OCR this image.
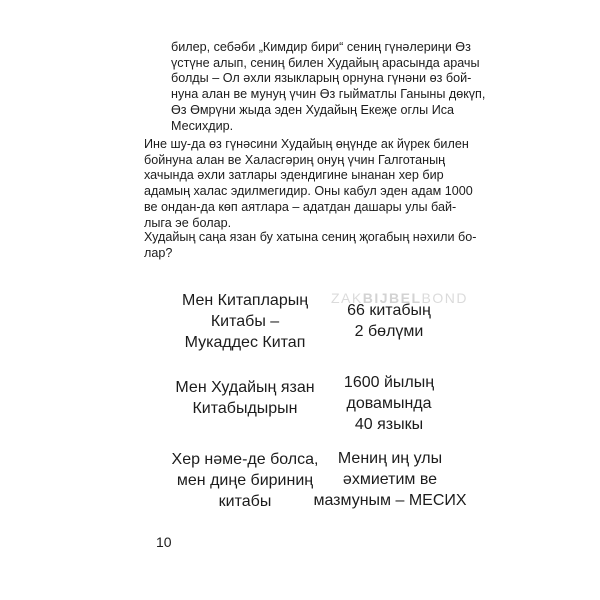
билер, себәби „Кимдир бири“ сениң гүнәлериңи Өз
үстүне алып, сениң билен Худайың арасында арачы
болды – Ол әхли языкларың орнуна гүнәни өз бой-
нуна алан ве мунуң үчин Өз гыйматлы Ганыны дөкүп,
Өз Өмрүни жыда эден Худайың Екеҗе оглы Иса
Месихдир.

Ине шу-да өз гүнәсини Худайың өңүнде ак йүрек билен
бойнуна алан ве Халасгәриң онуң үчин Галготаның
хачында әхли затлары эдендигине ынанан хер бир
адамың халас эдилмегидир. Оны кабул эден адам 1000
ве ондан-да көп аятлара – адатдан дашары улы бай-
лыга эе болар.

Худайың саңа язан бу хатына сениң җогабың нәхили бо-
лар?

ZAKBIJBELBOND

Мен Китапларың
Китабы –
Мукаддес Китап

66 китабың
2 бөлүми

Мен Худайың язан
Китабыдырын

1600 йылың
довамында
40 языкы

Хер нәме-де болса,
мен диңе бириниң
китабы

Мениң иң улы
әхмиетим ве
мазмуным – МЕСИХ

10
